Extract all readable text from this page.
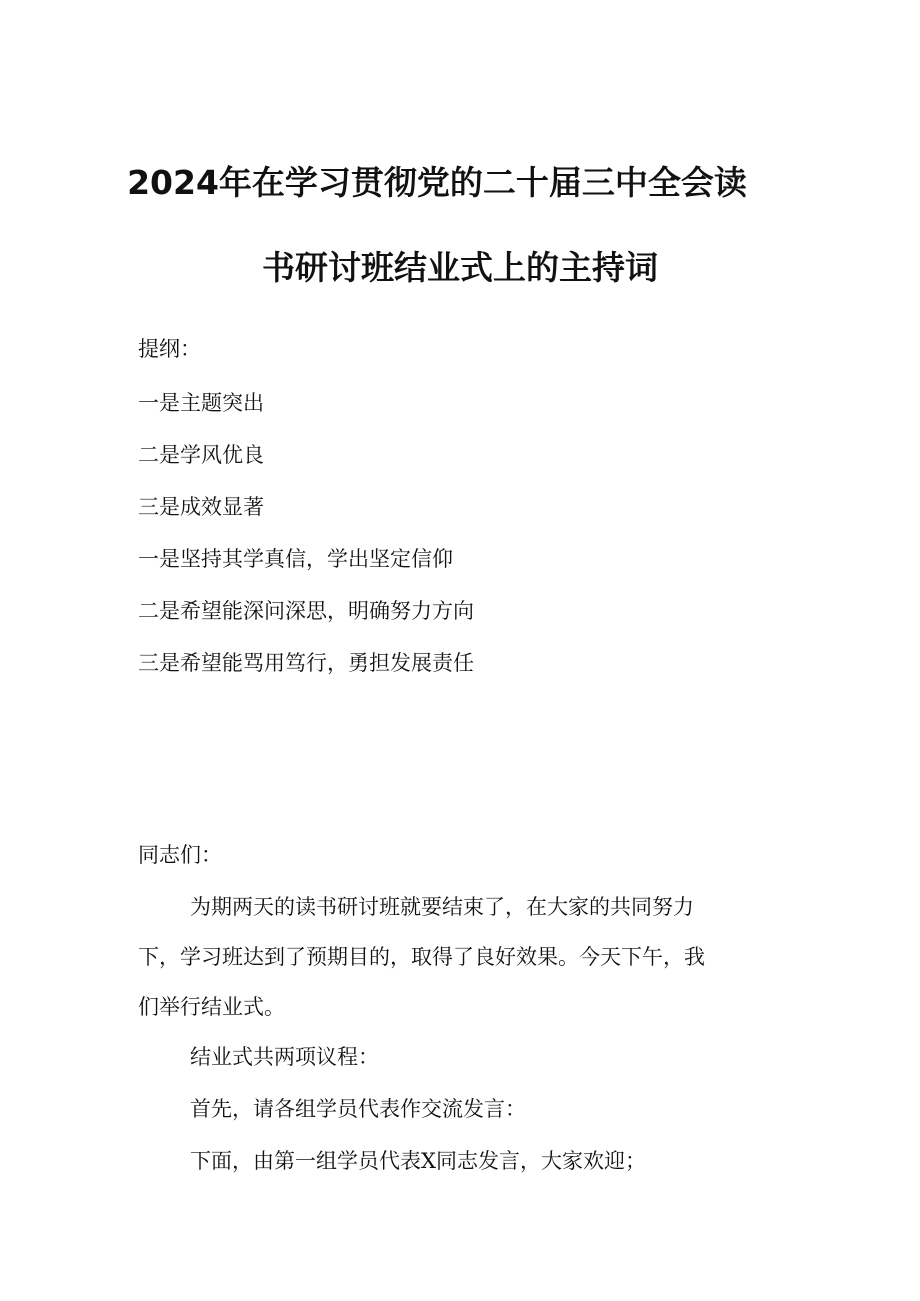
2024年在学习贯彻党的二十届三中全会读
书研讨班结业式上的主持词
提纲：
一是主题突出
二是学风优良
三是成效显著
一是坚持其学真信，学出坚定信仰
二是希望能深问深思，明确努力方向
三是希望能骂用笃行，勇担发展责任

同志们：

为期两天的读书研讨班就要结束了，在大家的共同努力

下，学习班达到了预期目的，取得了良好效果。今天下午，我

们举行结业式。

结业式共两项议程：

首先，请各组学员代表作交流发言：

下面，由第一组学员代表X同志发言，大家欢迎；
